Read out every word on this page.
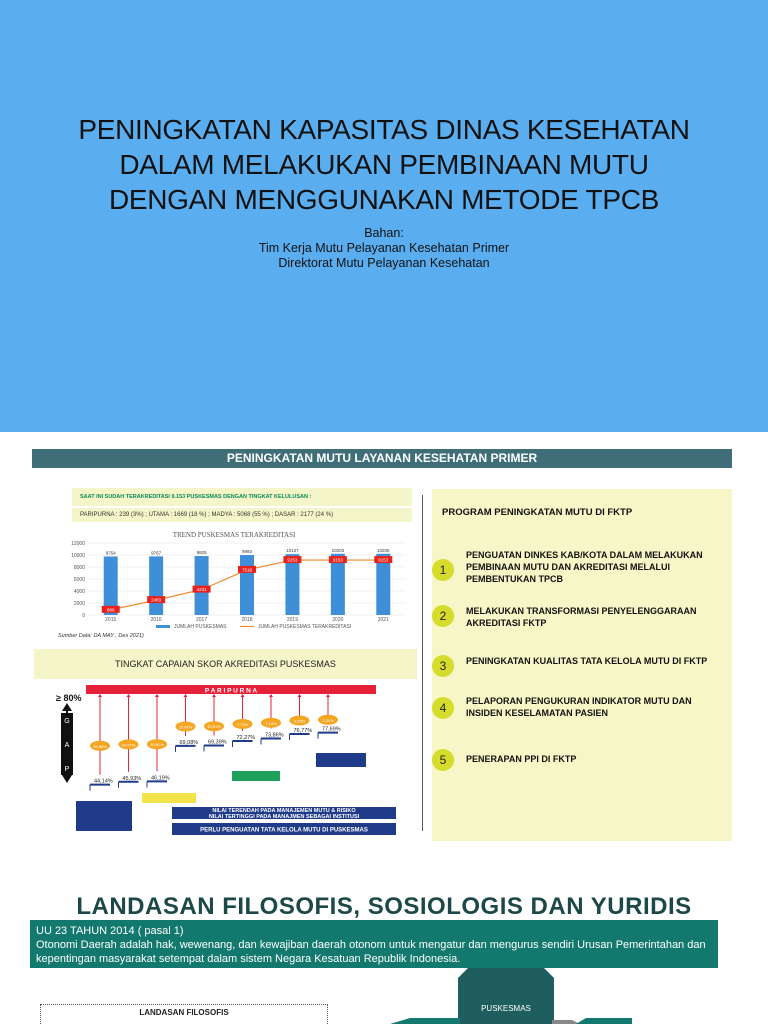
PENINGKATAN KAPASITAS DINAS KESEHATAN
DALAM MELAKUKAN PEMBINAAN MUTU
DENGAN MENGGUNAKAN METODE TPCB
Bahan:
Tim Kerja Mutu Pelayanan Kesehatan Primer
Direktorat Mutu Pelayanan Kesehatan
PENINGKATAN MUTU LAYANAN KESEHATAN PRIMER
SAAT INI SUDAH TERAKREDITASI 9.153 PUSKESMAS DENGAN TINGKAT KELULUSAN :
PARIPURNA : 239 (3%) ; UTAMA : 1669 (18 %) ; MADYA : 5068 (55 %) ; DASAR : 2177 (24 %)
TREND PUSKESMAS TERAKREDITASI
0
2000
4000
6000
8000
10000
12000
9754
2015
9767
2016
9825
2017
9993
2018
10137
2019
10203
2020
10205
2021
860
2483
4231
7518
9153	9153	9153
JUMLAH PUSKESMAS	JUMLAH PUSKESMAS TERAKREDITASI
Sumber Data: DA MAY , Des 2021)
TINGKAT CAPAIAN SKOR AKREDITASI PUSKESMAS
≥ 80%
P A R I P U R N A
G
A
P
44,14%
35,86%
45,93%
34,07%
46,19%
33,81%	69,08%
10,92%
69,39%
10,61%
72,27%
7,73%
73,86%
7,14%
76,77%
3,23%
77,69%
2,31%
NILAI TERENDAH PADA MANAJEMEN MUTU & RISIKO
NILAI TERTINGGI PADA MANAJMEN SEBAGAI INSTITUSI
PERLU PENGUATAN TATA KELOLA MUTU DI PUSKESMAS
PROGRAM PENINGKATAN MUTU DI FKTP
1
PENGUATAN DINKES KAB/KOTA DALAM MELAKUKAN PEMBINAAN MUTU DAN AKREDITASI MELALUI PEMBENTUKAN TPCB
2	MELAKUKAN TRANSFORMASI PENYELENGGARAAN AKREDITASI FKTP
3	PENINGKATAN KUALITAS TATA KELOLA MUTU DI FKTP
4	PELAPORAN PENGUKURAN INDIKATOR MUTU DAN INSIDEN KESELAMATAN PASIEN
5	PENERAPAN PPI DI FKTP
LANDASAN FILOSOFIS, SOSIOLOGIS DAN YURIDIS
UU 23 TAHUN 2014 ( pasal 1)
Otonomi Daerah adalah hak, wewenang, dan kewajiban daerah otonom untuk mengatur dan mengurus sendiri Urusan Pemerintahan dan kepentingan masyarakat setempat dalam sistem Negara Kesatuan Republik Indonesia.
LANDASAN FILOSOFIS	PUSKESMAS
